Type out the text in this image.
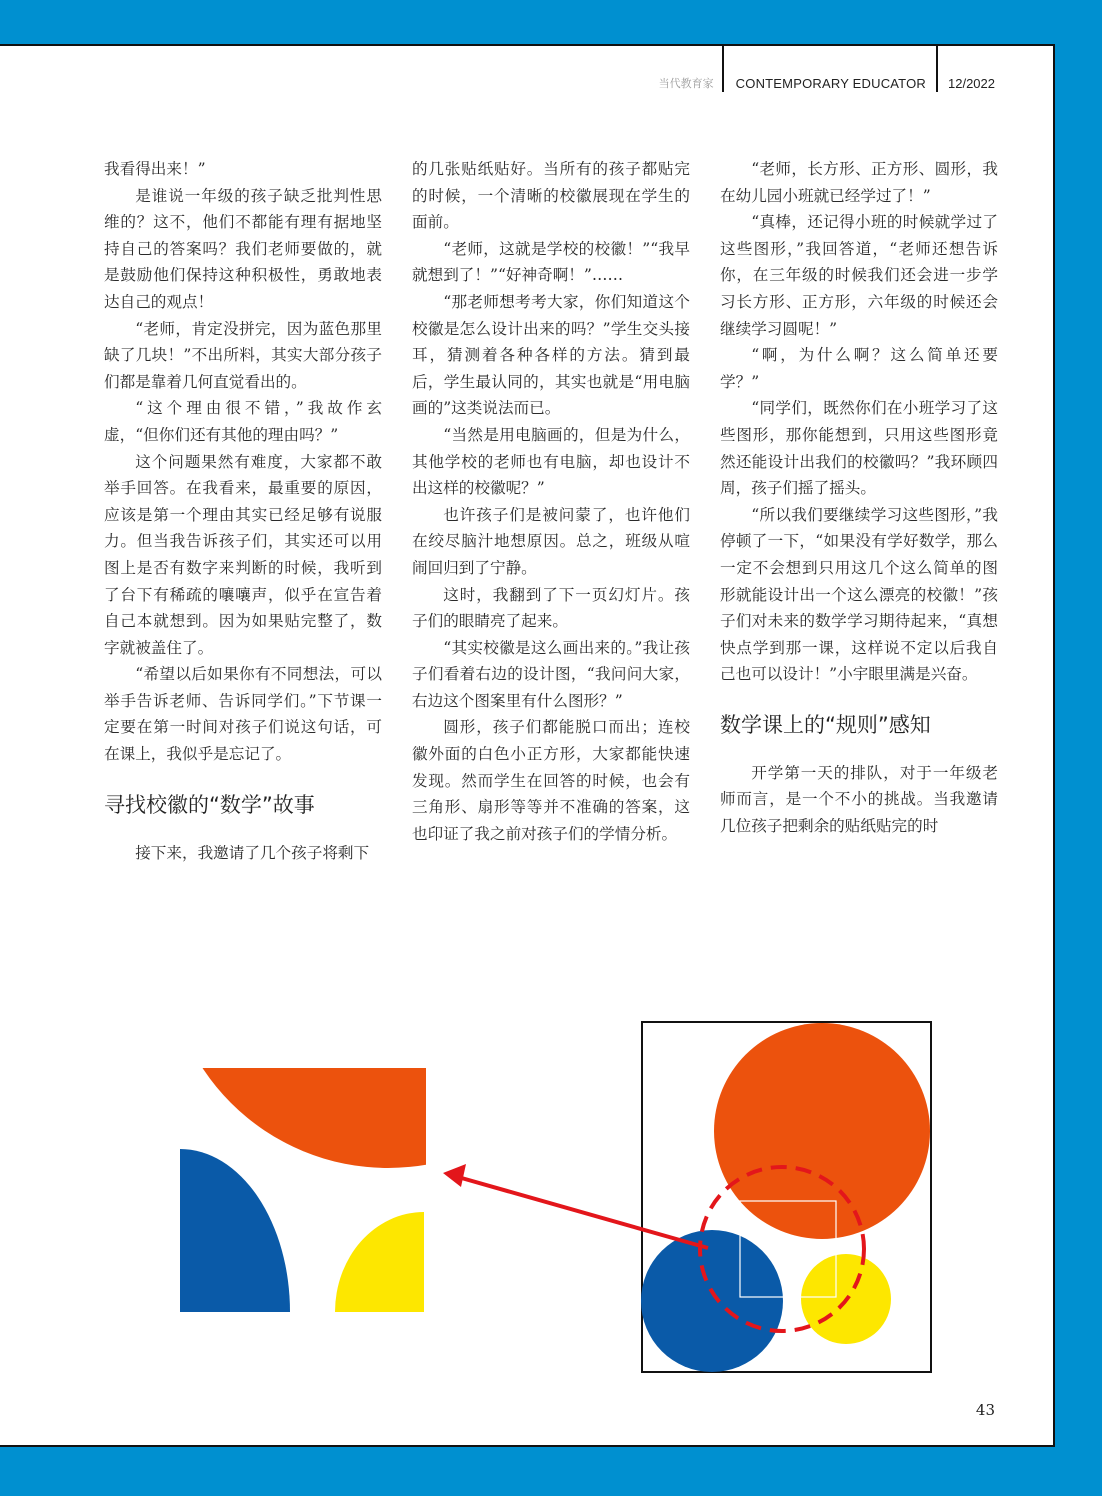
当代教育家	CONTEMPORARY EDUCATOR	12/2022

我看得出来！”

是谁说一年级的孩子缺乏批判性思维的？这不，他们不都能有理有据地坚持自己的答案吗？我们老师要做的，就是鼓励他们保持这种积极性，勇敢地表达自己的观点！

“老师，肯定没拼完，因为蓝色那里缺了几块！”不出所料，其实大部分孩子们都是靠着几何直觉看出的。

“这个理由很不错，”我故作玄虚，“但你们还有其他的理由吗？”

这个问题果然有难度，大家都不敢举手回答。在我看来，最重要的原因，应该是第一个理由其实已经足够有说服力。但当我告诉孩子们，其实还可以用图上是否有数字来判断的时候，我听到了台下有稀疏的嚷嚷声，似乎在宣告着自己本就想到。因为如果贴完整了，数字就被盖住了。

“希望以后如果你有不同想法，可以举手告诉老师、告诉同学们。”下节课一定要在第一时间对孩子们说这句话，可在课上，我似乎是忘记了。

寻找校徽的“数学”故事

接下来，我邀请了几个孩子将剩下

的几张贴纸贴好。当所有的孩子都贴完的时候，一个清晰的校徽展现在学生的面前。

“老师，这就是学校的校徽！”“我早就想到了！”“好神奇啊！”……

“那老师想考考大家，你们知道这个校徽是怎么设计出来的吗？”学生交头接耳，猜测着各种各样的方法。猜到最后，学生最认同的，其实也就是“用电脑画的”这类说法而已。

“当然是用电脑画的，但是为什么，其他学校的老师也有电脑，却也设计不出这样的校徽呢？”

也许孩子们是被问蒙了，也许他们在绞尽脑汁地想原因。总之，班级从喧闹回归到了宁静。

这时，我翻到了下一页幻灯片。孩子们的眼睛亮了起来。

“其实校徽是这么画出来的。”我让孩子们看着右边的设计图，“我问问大家，右边这个图案里有什么图形？”

圆形，孩子们都能脱口而出；连校徽外面的白色小正方形，大家都能快速发现。然而学生在回答的时候，也会有三角形、扇形等等并不准确的答案，这也印证了我之前对孩子们的学情分析。

“老师，长方形、正方形、圆形，我在幼儿园小班就已经学过了！”

“真棒，还记得小班的时候就学过了这些图形，”我回答道，“老师还想告诉你，在三年级的时候我们还会进一步学习长方形、正方形，六年级的时候还会继续学习圆呢！”

“啊，为什么啊？这么简单还要学？”

“同学们，既然你们在小班学习了这些图形，那你能想到，只用这些图形竟然还能设计出我们的校徽吗？”我环顾四周，孩子们摇了摇头。

“所以我们要继续学习这些图形，”我停顿了一下，“如果没有学好数学，那么一定不会想到只用这几个这么简单的图形就能设计出一个这么漂亮的校徽！”孩子们对未来的数学学习期待起来，“真想快点学到那一课，这样说不定以后我自己也可以设计！”小宇眼里满是兴奋。

数学课上的“规则”感知

开学第一天的排队，对于一年级老师而言，是一个不小的挑战。当我邀请几位孩子把剩余的贴纸贴完的时

43
